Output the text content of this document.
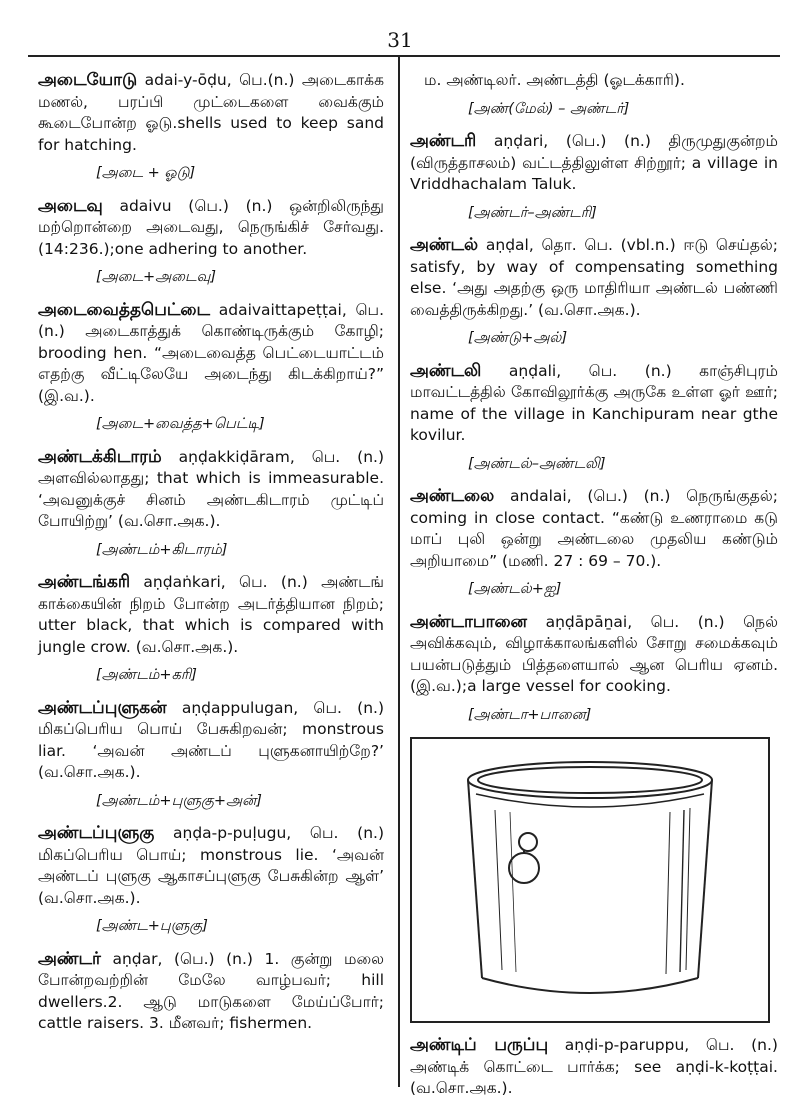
31

அடையோடு adai-y-ōḍu, பெ.(n.) அடைகாக்க மணல், பரப்பி முட்டைகளை வைக்கும் கூடைபோன்ற ஓடு.shells used to keep sand for hatching.

[அடை + ஓடு]

அடைவு adaivu (பெ.) (n.) ஒன்றிலிருந்து மற்றொன்றை அடைவது, நெருங்கிச் சேர்வது. (14:236.);one adhering to another.

[அடை+அடைவு]

அடைவைத்தபெட்டை adaivaittapeṭṭai, பெ. (n.) அடைகாத்துக் கொண்டிருக்கும் கோழி; brooding hen. “அடைவைத்த பெட்டையாட்டம் எதற்கு வீட்டிலேயே அடைந்து கிடக்கிறாய்?” (இ.வ.).

[அடை+வைத்த+பெட்டி]

அண்டக்கிடாரம் aṇḍakkiḍāram, பெ. (n.) அளவில்லாதது; that which is immeasurable. ‘அவனுக்குச் சினம் அண்டகிடாரம் முட்டிப் போயிற்று’ (வ.சொ.அக.).

[அண்டம்+கிடாரம்]

அண்டங்கரி aṇḍaṅkari, பெ. (n.) அண்டங் காக்கையின் நிறம் போன்ற அடர்த்தியான நிறம்; utter black, that which is compared with jungle crow. (வ.சொ.அக.).

[அண்டம்+கரி]

அண்டப்புளுகன் aṇḍappulugan, பெ. (n.) மிகப்பெரிய பொய் பேசுகிறவன்; monstrous liar. ‘அவன் அண்டப் புளுகனாயிற்றே?’ (வ.சொ.அக.).

[அண்டம்+புளுகு+அன்]

அண்டப்புளுகு aṇḍa-p-puḷugu, பெ. (n.) மிகப்பெரிய பொய்; monstrous lie. ‘அவன் அண்டப் புளுகு ஆகாசப்புளுகு பேசுகின்ற ஆள்’ (வ.சொ.அக.).

[அண்ட+புளுகு]

அண்டர் aṇḍar, (பெ.) (n.) 1. குன்று மலை போன்றவற்றின் மேலே வாழ்பவர்; hill dwellers.2. ஆடு மாடுகளை மேய்ப்போர்; cattle raisers. 3. மீனவர்; fishermen.

ம. அண்டிலர். அண்டத்தி (ஓடக்காரி).

[அண்(மேல்) – அண்டர்]

அண்டரி aṇḍari, (பெ.) (n.) திருமுதுகுன்றம் (விருத்தாசலம்) வட்டத்திலுள்ள சிற்றூர்; a village in Vriddhachalam Taluk.

[அண்டர்–அண்டரி]

அண்டல் aṇḍal, தொ. பெ. (vbl.n.) ஈடு செய்தல்; satisfy, by way of compensating something else. ‘அது அதற்கு ஒரு மாதிரியா அண்டல் பண்ணி வைத்திருக்கிறது.’ (வ.சொ.அக.).

[அண்டு+அல்]

அண்டலி aṇḍali, பெ. (n.) காஞ்சிபுரம் மாவட்டத்தில் கோவிலூர்க்கு அருகே உள்ள ஓர் ஊர்; name of the village in Kanchipuram near gthe kovilur.

[அண்டல்–அண்டலி]

அண்டலை andalai, (பெ.) (n.) நெருங்குதல்; coming in close contact. “கண்டு உணராமை கடு மாப் புலி ஒன்று அண்டலை முதலிய கண்டும் அறியாமை” (மணி. 27 : 69 – 70.).

[அண்டல்+ஐ]

அண்டாபானை aṇḍāpāṉai, பெ. (n.) நெல் அவிக்கவும், விழாக்காலங்களில் சோறு சமைக்கவும் பயன்படுத்தும் பித்தளையால் ஆன பெரிய ஏனம். (இ.வ.);a large vessel for cooking.

[அண்டா+பானை]

அண்டிப் பருப்பு aṇḍi-p-paruppu, பெ. (n.) அண்டிக் கொட்டை பார்க்க; see aṇḍi-k-koṭṭai. (வ.சொ.அக.).
